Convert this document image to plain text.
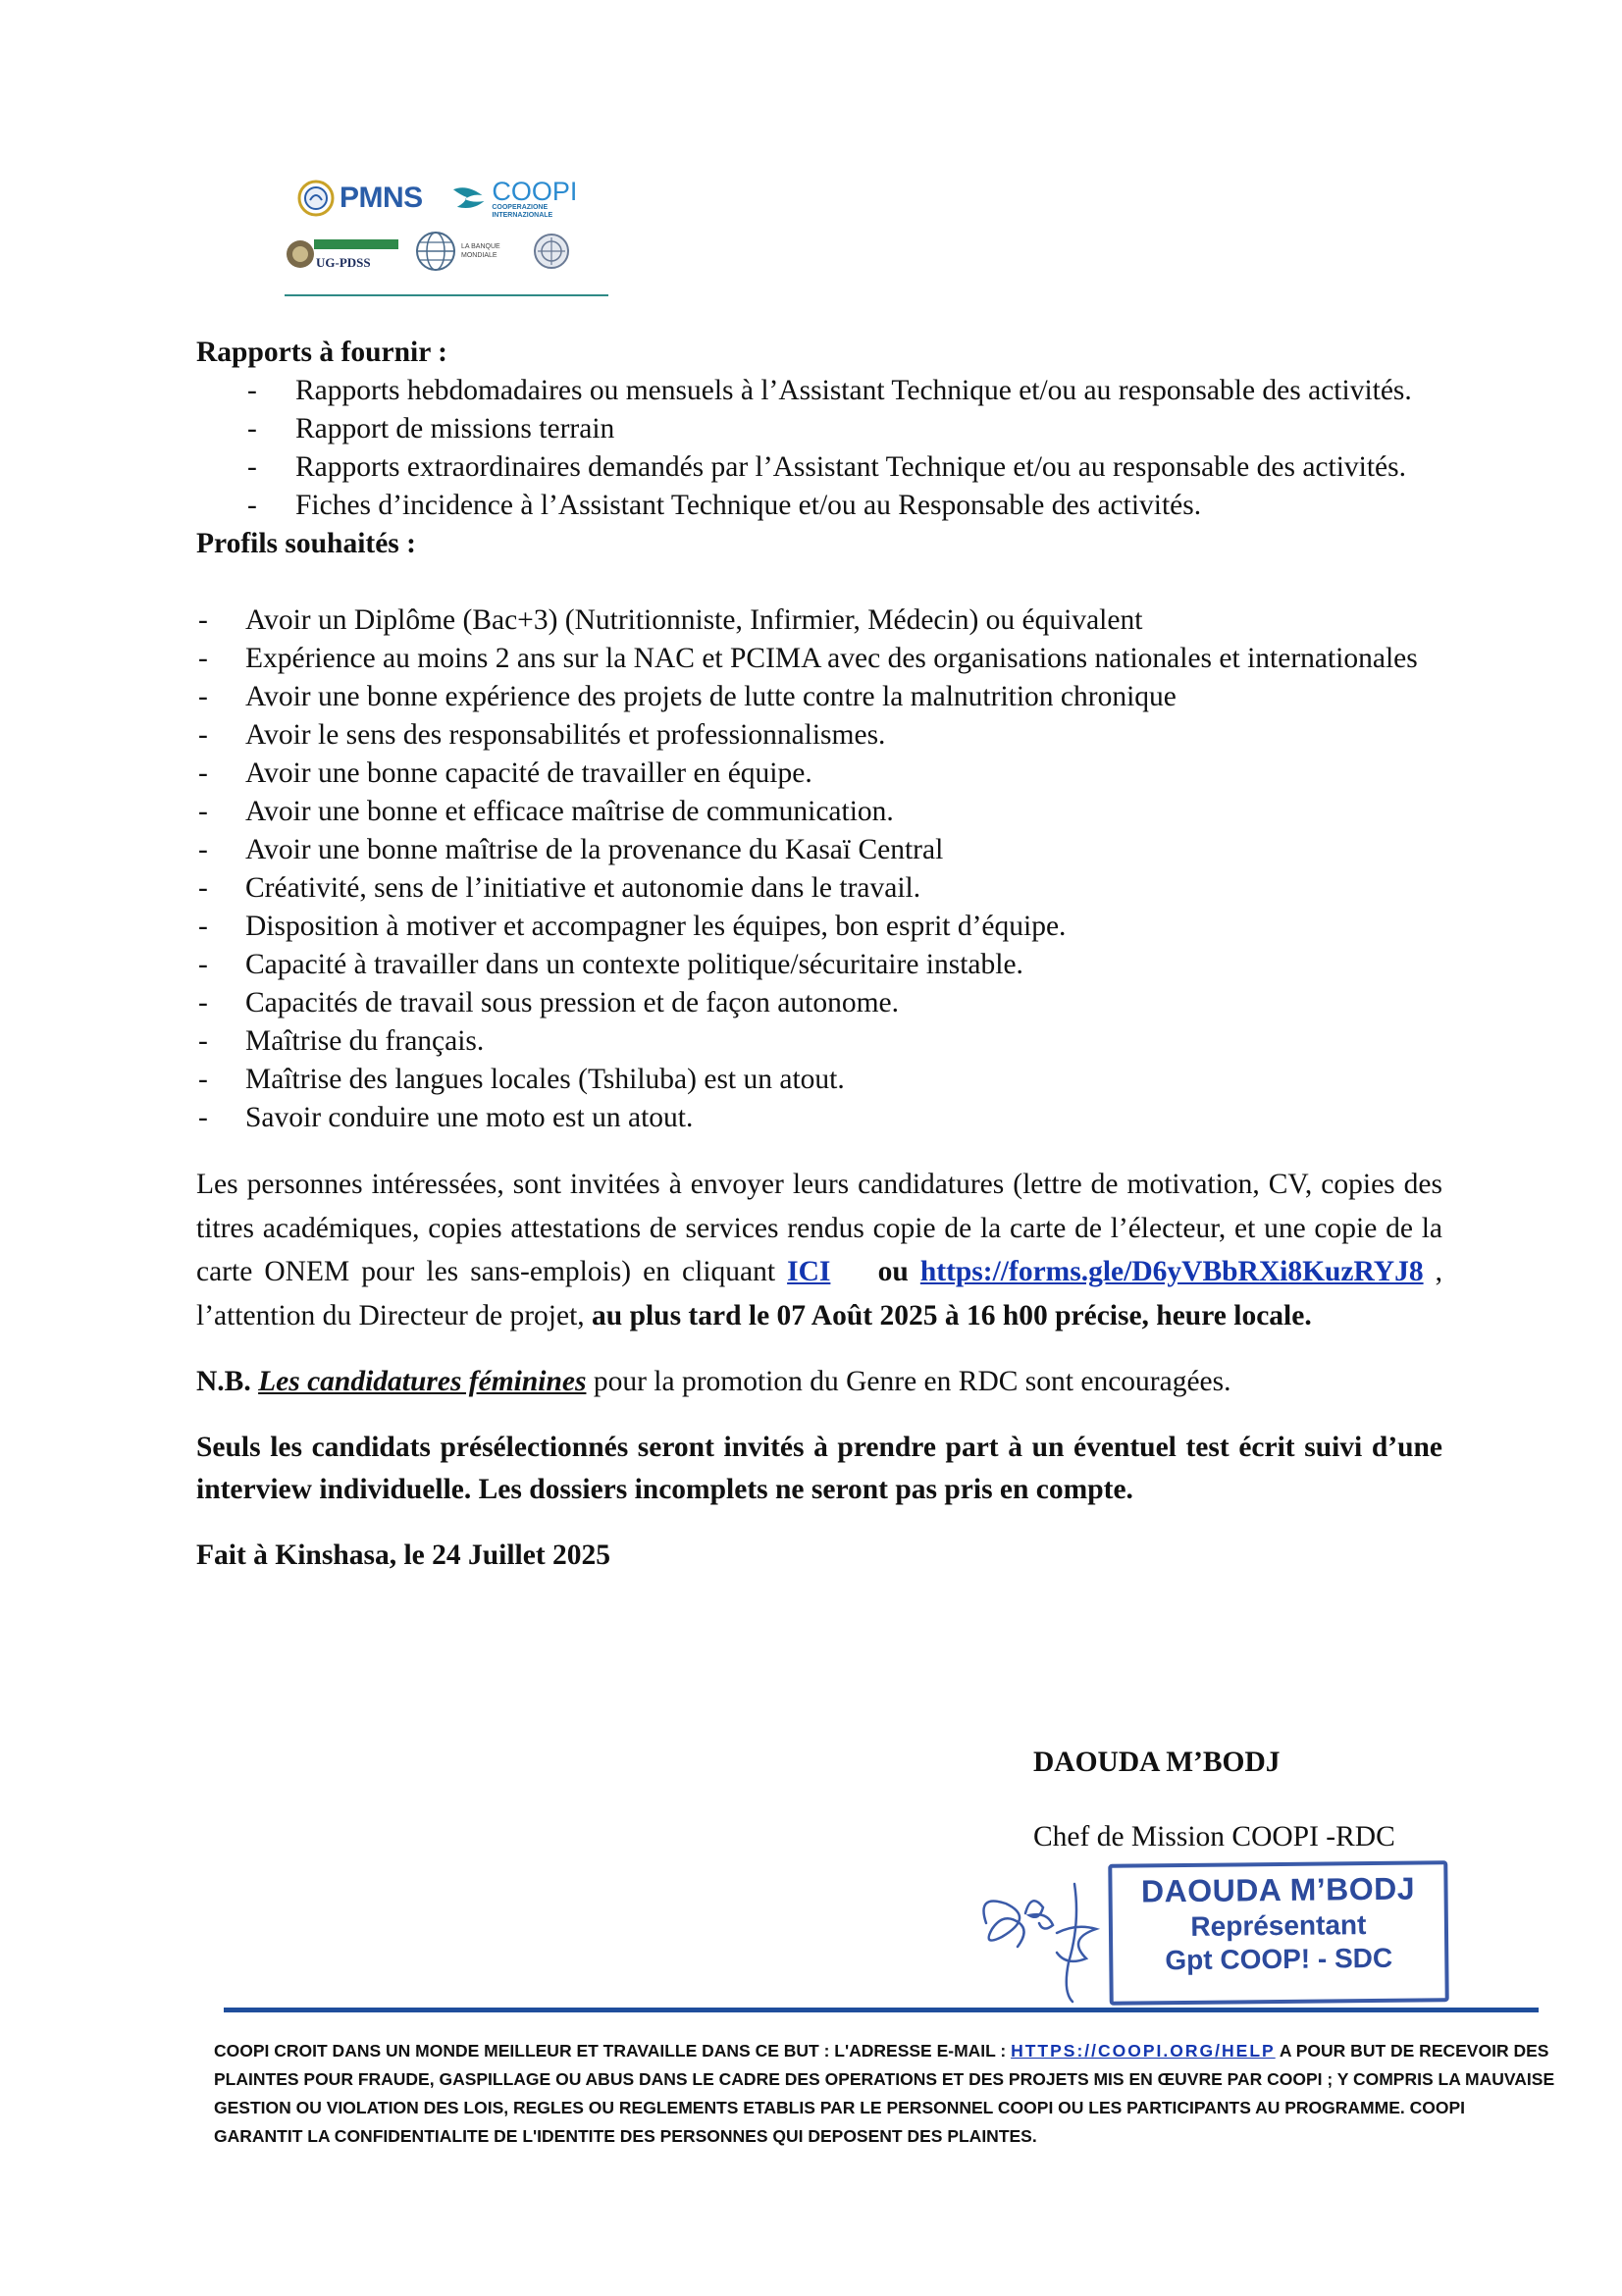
PMNS	COOPI
COOPERAZIONE INTERNAZIONALE
UG-PDSS
LA BANQUE MONDIALE

Rapports à fournir :

- Rapports hebdomadaires ou mensuels à l’Assistant Technique et/ou au responsable des activités.
- Rapport de missions terrain
- Rapports extraordinaires demandés par l’Assistant Technique et/ou au responsable des activités.
- Fiches d’incidence à l’Assistant Technique et/ou au Responsable des activités.

Profils souhaités :

- Avoir un Diplôme (Bac+3) (Nutritionniste, Infirmier, Médecin) ou équivalent
- Expérience au moins 2 ans sur la NAC et PCIMA avec des organisations nationales et internationales
- Avoir une bonne expérience des projets de lutte contre la malnutrition chronique
- Avoir le sens des responsabilités et professionnalismes.
- Avoir une bonne capacité de travailler en équipe.
- Avoir une bonne et efficace maîtrise de communication.
- Avoir une bonne maîtrise de la provenance du Kasaï Central
- Créativité, sens de l’initiative et autonomie dans le travail.
- Disposition à motiver et accompagner les équipes, bon esprit d’équipe.
- Capacité à travailler dans un contexte politique/sécuritaire instable.
- Capacités de travail sous pression et de façon autonome.
- Maîtrise du français.
- Maîtrise des langues locales (Tshiluba) est un atout.
- Savoir conduire une moto est un atout.

Les personnes intéressées, sont invitées à envoyer leurs candidatures (lettre de motivation, CV, copies des titres académiques, copies attestations de services rendus copie de la carte de l’électeur, et une copie de la carte ONEM pour les sans-emplois) en cliquant ICI ou https://forms.gle/D6yVBbRXi8KuzRYJ8 , l’attention du Directeur de projet, au plus tard le 07 Août 2025 à 16 h00 précise, heure locale.

N.B. Les candidatures féminines pour la promotion du Genre en RDC sont encouragées.

Seuls les candidats présélectionnés seront invités à prendre part à un éventuel test écrit suivi d’une interview individuelle. Les dossiers incomplets ne seront pas pris en compte.

Fait à Kinshasa, le 24 Juillet 2025

DAOUDA M’BODJ
Chef de Mission COOPI -RDC
DAOUDA M’BODJ
Représentant
Gpt COOP! - SDC
COOPI CROIT DANS UN MONDE MEILLEUR ET TRAVAILLE DANS CE BUT : L'ADRESSE E-MAIL : HTTPS://COOPI.ORG/HELP A POUR BUT DE RECEVOIR DES PLAINTES POUR FRAUDE, GASPILLAGE OU ABUS DANS LE CADRE DES OPERATIONS ET DES PROJETS MIS EN ŒUVRE PAR COOPI ; Y COMPRIS LA MAUVAISE GESTION OU VIOLATION DES LOIS, REGLES OU REGLEMENTS ETABLIS PAR LE PERSONNEL COOPI OU LES PARTICIPANTS AU PROGRAMME. COOPI GARANTIT LA CONFIDENTIALITE DE L'IDENTITE DES PERSONNES QUI DEPOSENT DES PLAINTES.
